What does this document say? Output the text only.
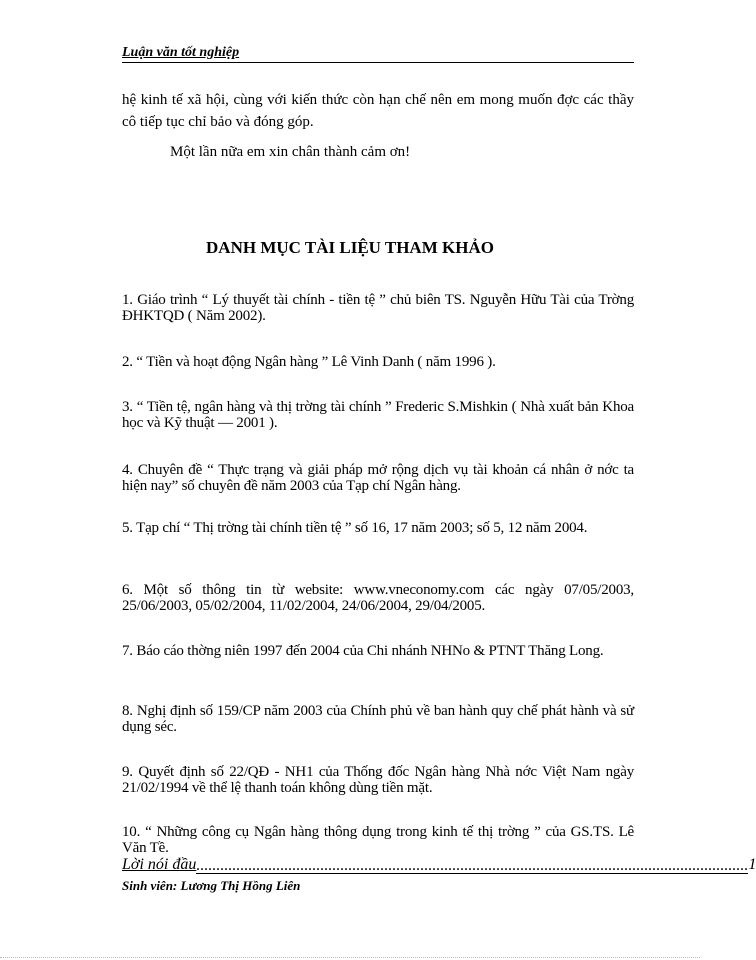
Luận văn tốt nghiệp
hệ kinh tế xã hội, cùng với kiến thức còn hạn chế nên em mong muốn đợc các thầy cô tiếp tục chỉ bảo và đóng góp.
Một lần nữa em xin chân thành cảm ơn!
DANH MỤC TÀI LIỆU THAM KHẢO
1. Giáo trình “ Lý thuyết tài chính - tiền tệ ” chủ biên TS. Nguyễn Hữu Tài của Trờng ĐHKTQD ( Năm 2002).
2. “ Tiền và hoạt động Ngân hàng ” Lê Vinh Danh ( năm 1996 ).
3. “ Tiền tệ, ngân hàng và thị trờng tài chính ” Frederic S.Mishkin ( Nhà xuất bản Khoa học và Kỹ thuật — 2001 ).
4. Chuyên đề “ Thực trạng và giải pháp mở rộng dịch vụ tài khoản cá nhân ở nớc ta hiện nay” số chuyên đề năm 2003 của Tạp chí Ngân hàng.
5. Tạp chí “ Thị trờng tài chính tiền tệ ” số 16, 17 năm 2003; số 5, 12 năm 2004.
6. Một số thông tin từ website: www.vneconomy.com các ngày 07/05/2003, 25/06/2003, 05/02/2004, 11/02/2004, 24/06/2004, 29/04/2005.
7. Báo cáo thờng niên 1997 đến 2004 của Chi nhánh NHNo & PTNT Thăng Long.
8. Nghị định số 159/CP năm 2003 của Chính phủ về ban hành quy chế phát hành và sử dụng séc.
9. Quyết định số 22/QĐ - NH1 của Thống đốc Ngân hàng Nhà nớc Việt Nam ngày 21/02/1994 về thể lệ thanh toán không dùng tiền mặt.
10. “ Những công cụ Ngân hàng thông dụng trong kinh tế thị trờng ” của GS.TS. Lê Văn Tề.
Lời nói đầu .......................................................................................................................................... 1
Sinh viên: Lương Thị Hồng Liên
